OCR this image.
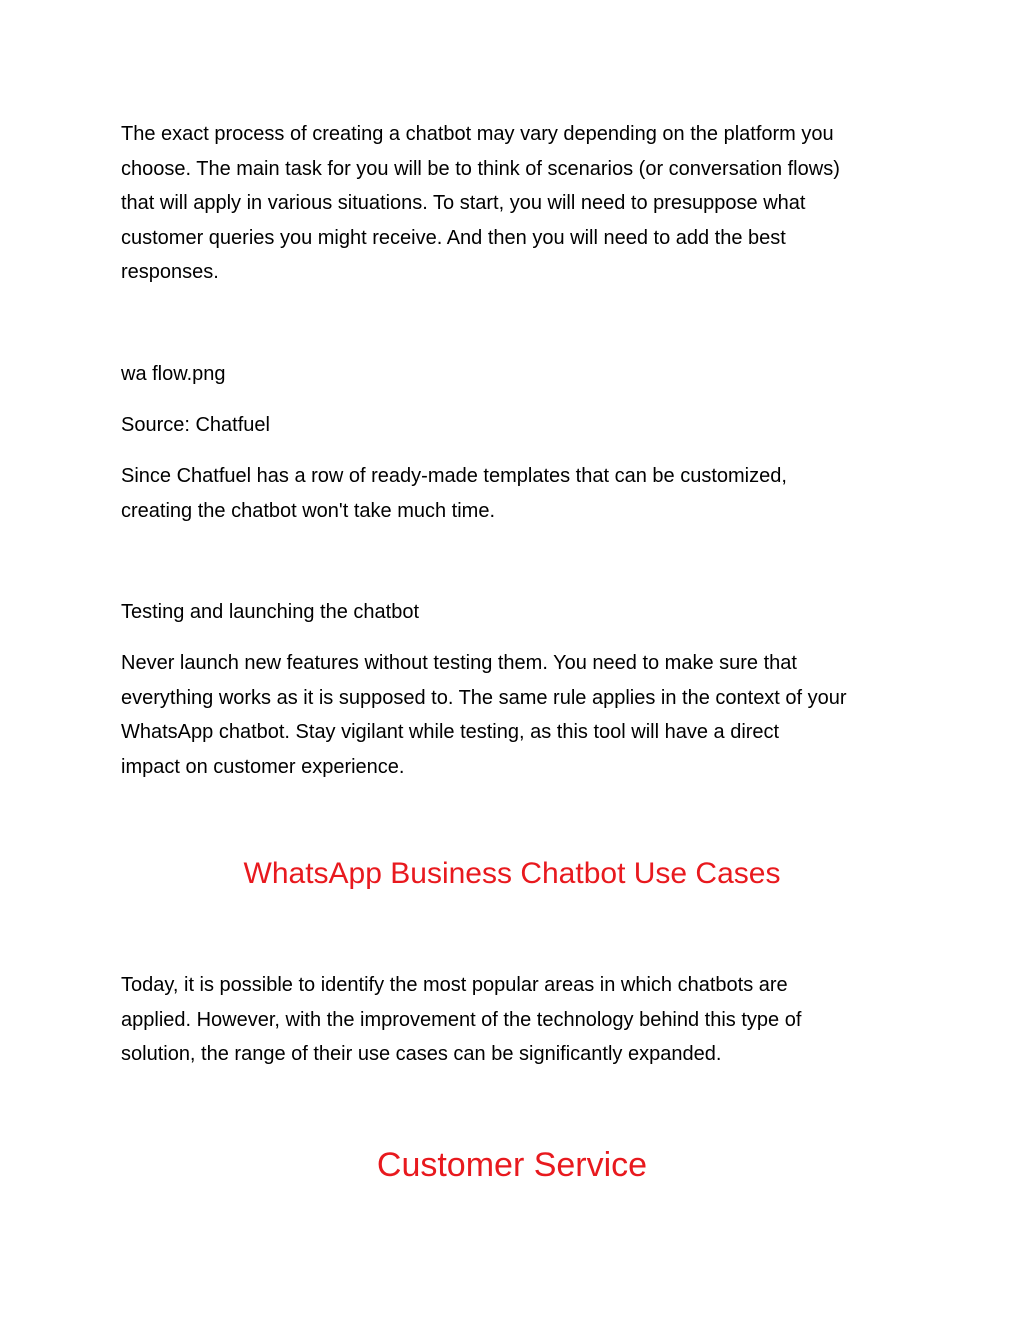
The exact process of creating a chatbot may vary depending on the platform you
choose. The main task for you will be to think of scenarios (or conversation flows)
that will apply in various situations. To start, you will need to presuppose what
customer queries you might receive. And then you will need to add the best
responses.

wa flow.png

Source: Chatfuel

Since Chatfuel has a row of ready-made templates that can be customized,
creating the chatbot won't take much time.

Testing and launching the chatbot

Never launch new features without testing them. You need to make sure that
everything works as it is supposed to. The same rule applies in the context of your
WhatsApp chatbot. Stay vigilant while testing, as this tool will have a direct
impact on customer experience.

WhatsApp Business Chatbot Use Cases

Today, it is possible to identify the most popular areas in which chatbots are
applied. However, with the improvement of the technology behind this type of
solution, the range of their use cases can be significantly expanded.

Customer Service
